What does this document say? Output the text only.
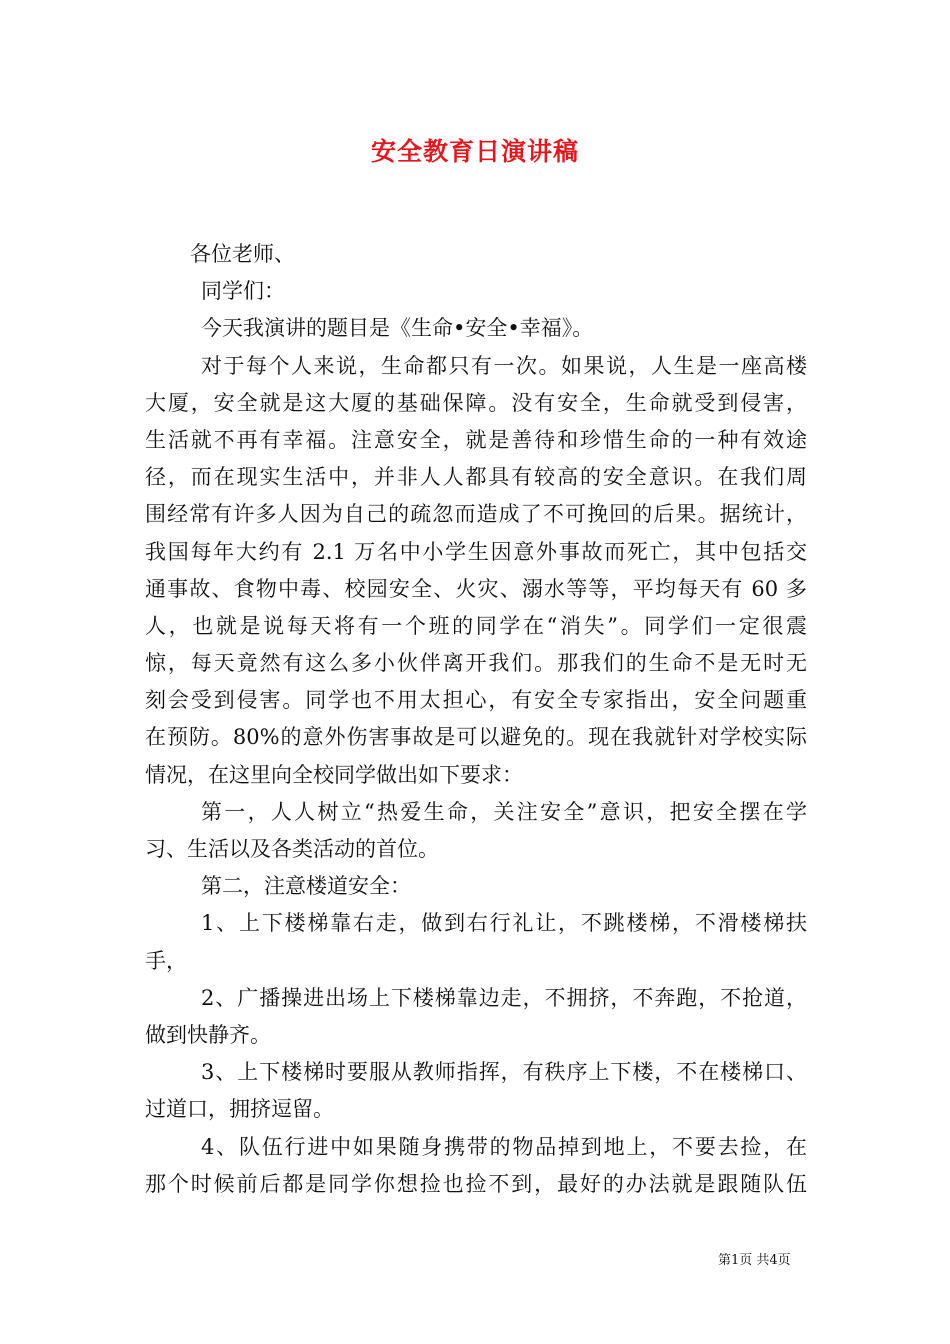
安全教育日演讲稿
各位老师、
同学们：
今天我演讲的题目是《生命•安全•幸福》。
对于每个人来说，生命都只有一次。如果说，人生是一座高楼
大厦，安全就是这大厦的基础保障。没有安全，生命就受到侵害，
生活就不再有幸福。注意安全，就是善待和珍惜生命的一种有效途
径，而在现实生活中，并非人人都具有较高的安全意识。在我们周
围经常有许多人因为自己的疏忽而造成了不可挽回的后果。据统计，
我国每年大约有 2.1 万名中小学生因意外事故而死亡，其中包括交
通事故、食物中毒、校园安全、火灾、溺水等等，平均每天有 60 多
人，也就是说每天将有一个班的同学在“消失”。同学们一定很震
惊，每天竟然有这么多小伙伴离开我们。那我们的生命不是无时无
刻会受到侵害。同学也不用太担心，有安全专家指出，安全问题重
在预防。80%的意外伤害事故是可以避免的。现在我就针对学校实际
情况，在这里向全校同学做出如下要求：
第一，人人树立“热爱生命，关注安全”意识，把安全摆在学
习、生活以及各类活动的首位。
第二，注意楼道安全：
1、上下楼梯靠右走，做到右行礼让，不跳楼梯，不滑楼梯扶
手，
2、广播操进出场上下楼梯靠边走，不拥挤，不奔跑，不抢道，
做到快静齐。
3、上下楼梯时要服从教师指挥，有秩序上下楼，不在楼梯口、
过道口，拥挤逗留。
4、队伍行进中如果随身携带的物品掉到地上，不要去捡，在
那个时候前后都是同学你想捡也捡不到，最好的办法就是跟随队伍
第1页 共4页
